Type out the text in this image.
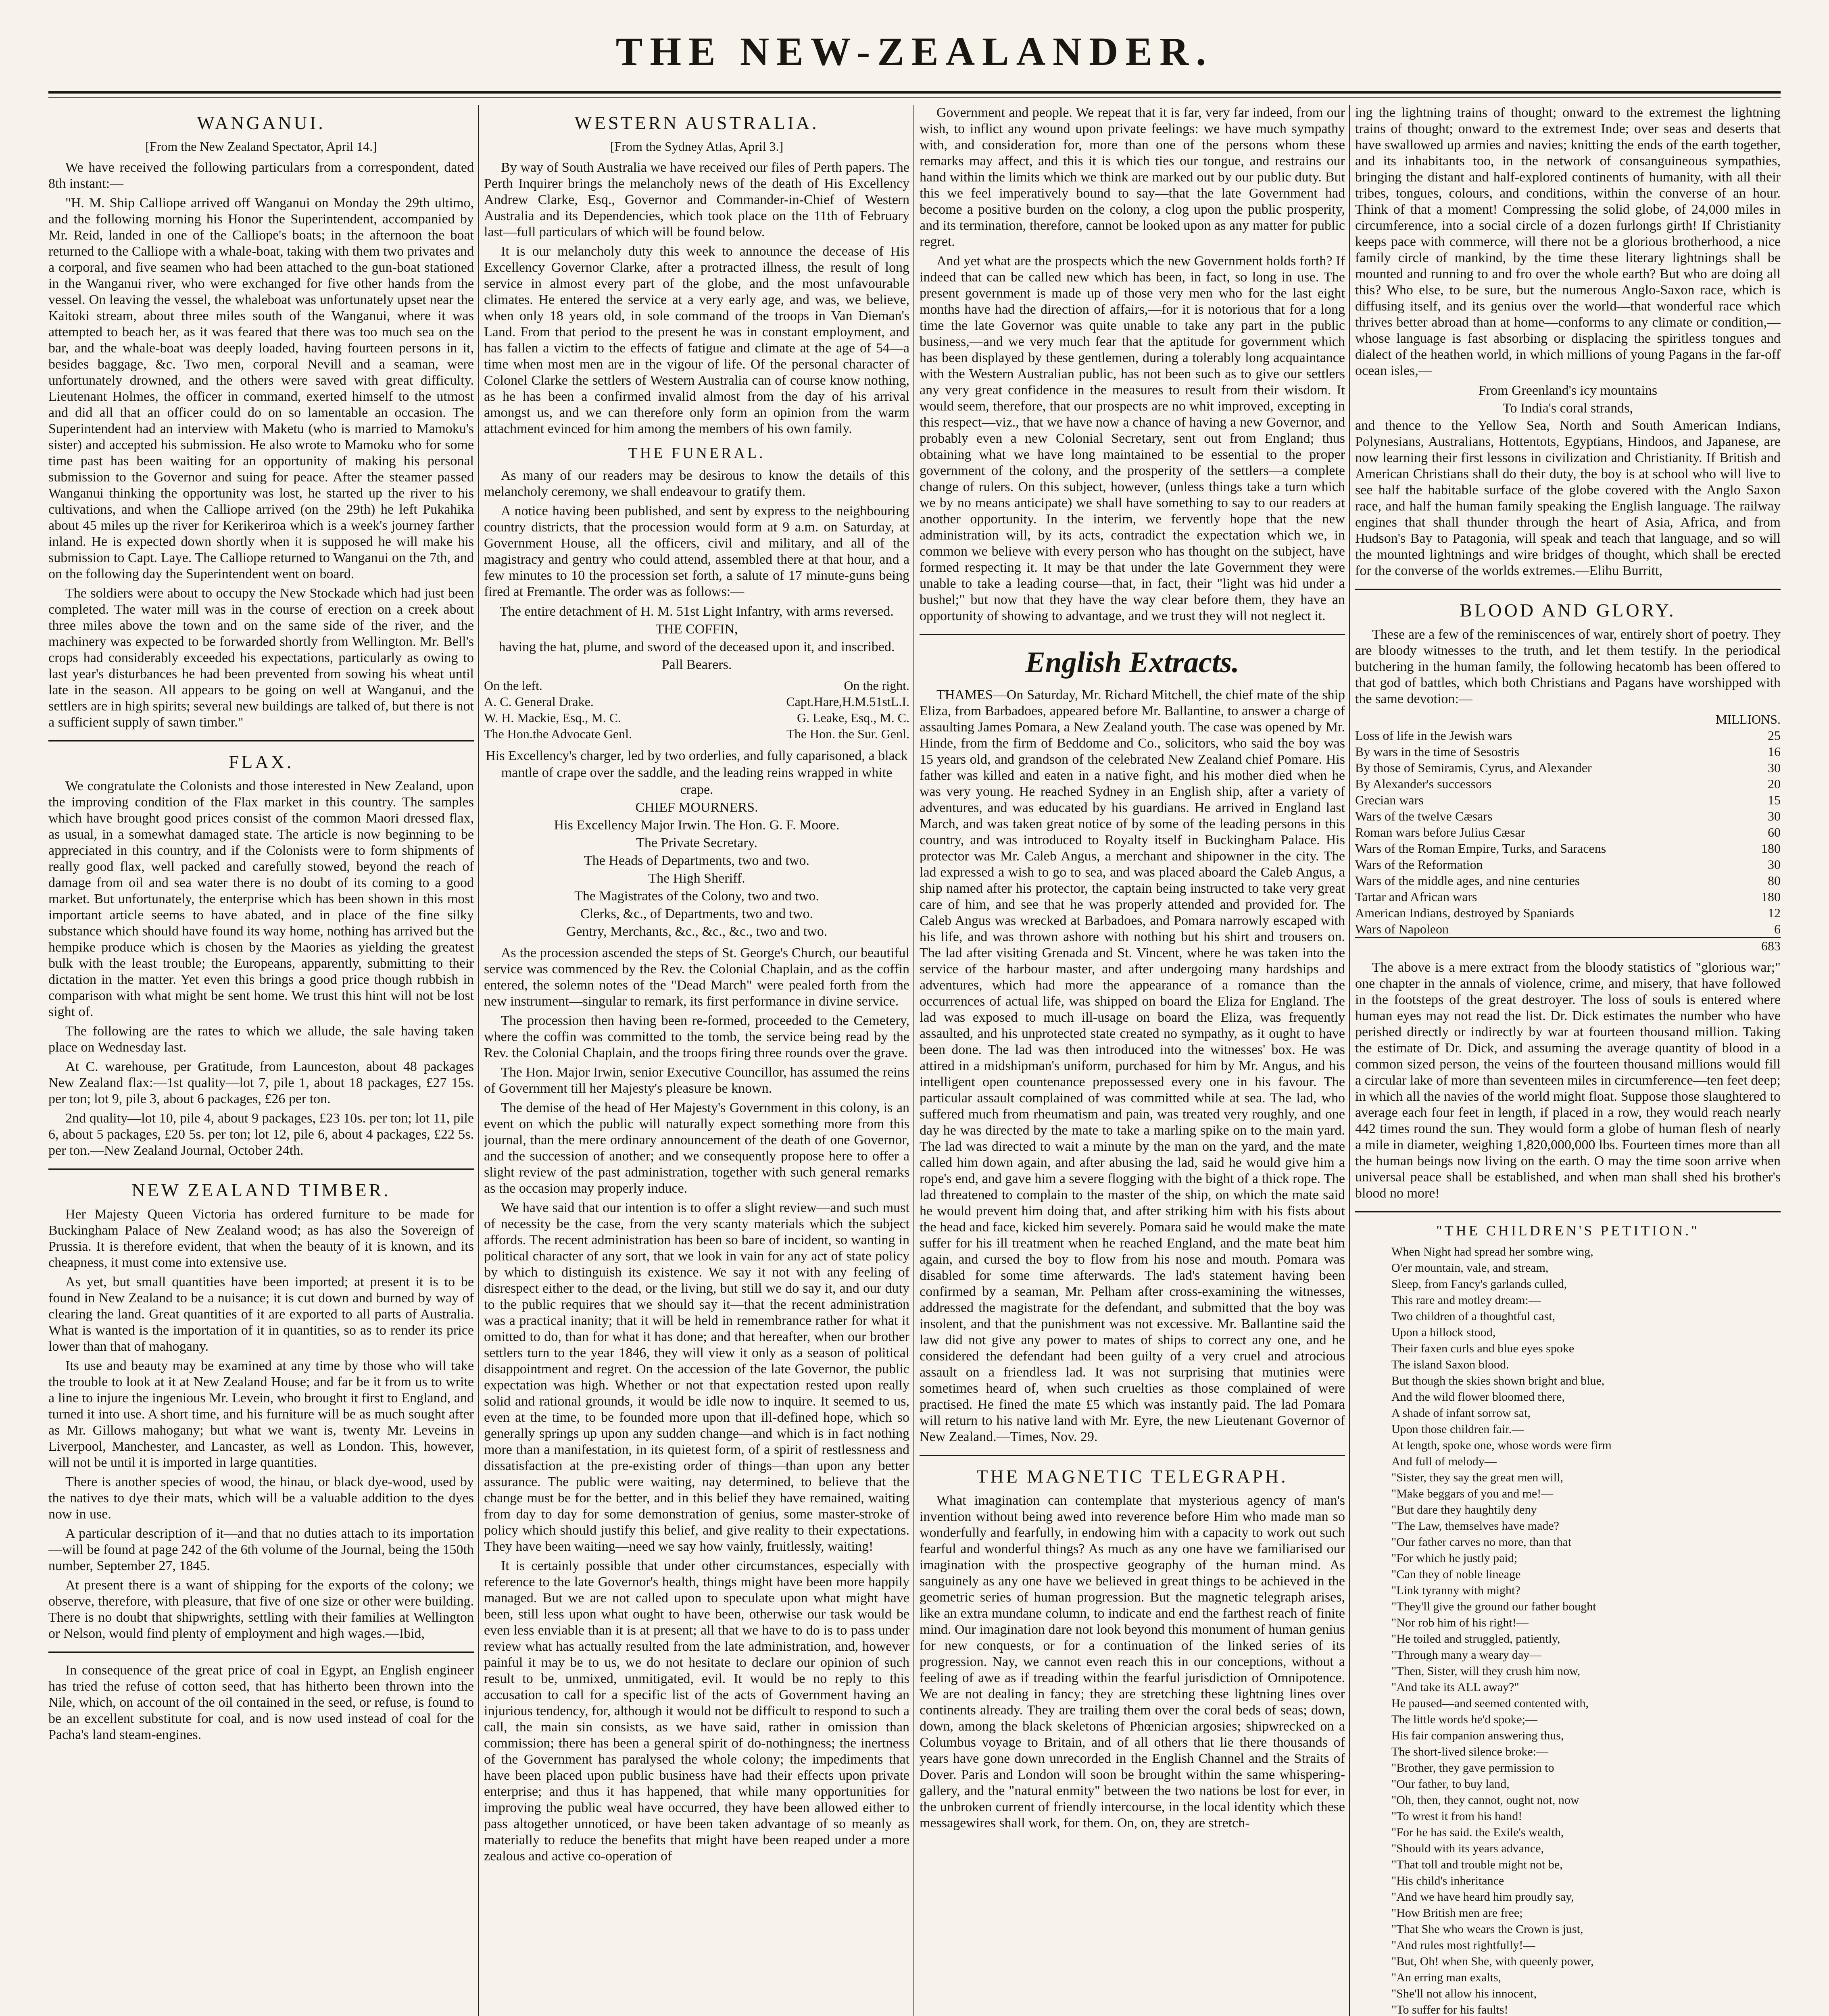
THE NEW-ZEALANDER.
WANGANUI.
[From the New Zealand Spectator, April 14.]

We have received the following particulars from a correspondent, dated 8th instant:—

"H. M. Ship Calliope arrived off Wanganui on Monday the 29th ultimo, and the following morning his Honor the Superintendent, accompanied by Mr. Reid, landed in one of the Calliope's boats; in the afternoon the boat returned to the Calliope with a whale-boat, taking with them two privates and a corporal, and five seamen who had been attached to the gun-boat stationed in the Wanganui river, who were exchanged for five other hands from the vessel. On leaving the vessel, the whaleboat was unfortunately upset near the Kaitoki stream, about three miles south of the Wanganui, where it was attempted to beach her, as it was feared that there was too much sea on the bar, and the whale-boat was deeply loaded, having fourteen persons in it, besides baggage, &c. Two men, corporal Nevill and a seaman, were unfortunately drowned, and the others were saved with great difficulty. Lieutenant Holmes, the officer in command, exerted himself to the utmost and did all that an officer could do on so lamentable an occasion. The Superintendent had an interview with Maketu (who is married to Mamoku's sister) and accepted his submission. He also wrote to Mamoku who for some time past has been waiting for an opportunity of making his personal submission to the Governor and suing for peace. After the steamer passed Wanganui thinking the opportunity was lost, he started up the river to his cultivations, and when the Calliope arrived (on the 29th) he left Pukahika about 45 miles up the river for Kerikeriroa which is a week's journey farther inland. He is expected down shortly when it is supposed he will make his submission to Capt. Laye. The Calliope returned to Wanganui on the 7th, and on the following day the Superintendent went on board.

The soldiers were about to occupy the New Stockade which had just been completed. The water mill was in the course of erection on a creek about three miles above the town and on the same side of the river, and the machinery was expected to be forwarded shortly from Wellington. Mr. Bell's crops had considerably exceeded his expectations, particularly as owing to last year's disturbances he had been prevented from sowing his wheat until late in the season. All appears to be going on well at Wanganui, and the settlers are in high spirits; several new buildings are talked of, but there is not a sufficient supply of sawn timber."

FLAX.

We congratulate the Colonists and those interested in New Zealand, upon the improving condition of the Flax market in this country. The samples which have brought good prices consist of the common Maori dressed flax, as usual, in a somewhat damaged state. The article is now beginning to be appreciated in this country, and if the Colonists were to form shipments of really good flax, well packed and carefully stowed, beyond the reach of damage from oil and sea water there is no doubt of its coming to a good market. But unfortunately, the enterprise which has been shown in this most important article seems to have abated, and in place of the fine silky substance which should have found its way home, nothing has arrived but the hempike produce which is chosen by the Maories as yielding the greatest bulk with the least trouble; the Europeans, apparently, submitting to their dictation in the matter. Yet even this brings a good price though rubbish in comparison with what might be sent home. We trust this hint will not be lost sight of.

The following are the rates to which we allude, the sale having taken place on Wednesday last.

At C. warehouse, per Gratitude, from Launceston, about 48 packages New Zealand flax:—1st quality—lot 7, pile 1, about 18 packages, £27 15s. per ton; lot 9, pile 3, about 6 packages, £26 per ton.

2nd quality—lot 10, pile 4, about 9 packages, £23 10s. per ton; lot 11, pile 6, about 5 packages, £20 5s. per ton; lot 12, pile 6, about 4 packages, £22 5s. per ton.—New Zealand Journal, October 24th.

NEW ZEALAND TIMBER.

Her Majesty Queen Victoria has ordered furniture to be made for Buckingham Palace of New Zealand wood; as has also the Sovereign of Prussia. It is therefore evident, that when the beauty of it is known, and its cheapness, it must come into extensive use.

As yet, but small quantities have been imported; at present it is to be found in New Zealand to be a nuisance; it is cut down and burned by way of clearing the land. Great quantities of it are exported to all parts of Australia. What is wanted is the importation of it in quantities, so as to render its price lower than that of mahogany.

Its use and beauty may be examined at any time by those who will take the trouble to look at it at New Zealand House; and far be it from us to write a line to injure the ingenious Mr. Levein, who brought it first to England, and turned it into use. A short time, and his furniture will be as much sought after as Mr. Gillows mahogany; but what we want is, twenty Mr. Leveins in Liverpool, Manchester, and Lancaster, as well as London. This, however, will not be until it is imported in large quantities.

There is another species of wood, the hinau, or black dye-wood, used by the natives to dye their mats, which will be a valuable addition to the dyes now in use.

A particular description of it—and that no duties attach to its importation—will be found at page 242 of the 6th volume of the Journal, being the 150th number, September 27, 1845.

At present there is a want of shipping for the exports of the colony; we observe, therefore, with pleasure, that five of one size or other were building. There is no doubt that shipwrights, settling with their families at Wellington or Nelson, would find plenty of employment and high wages.—Ibid,

In consequence of the great price of coal in Egypt, an English engineer has tried the refuse of cotton seed, that has hitherto been thrown into the Nile, which, on account of the oil contained in the seed, or refuse, is found to be an excellent substitute for coal, and is now used instead of coal for the Pacha's land steam-engines.

WESTERN AUSTRALIA.
[From the Sydney Atlas, April 3.]

By way of South Australia we have received our files of Perth papers. The Perth Inquirer brings the melancholy news of the death of His Excellency Andrew Clarke, Esq., Governor and Commander-in-Chief of Western Australia and its Dependencies, which took place on the 11th of February last—full particulars of which will be found below.

It is our melancholy duty this week to announce the decease of His Excellency Governor Clarke, after a protracted illness, the result of long service in almost every part of the globe, and the most unfavourable climates. He entered the service at a very early age, and was, we believe, when only 18 years old, in sole command of the troops in Van Dieman's Land. From that period to the present he was in constant employment, and has fallen a victim to the effects of fatigue and climate at the age of 54—a time when most men are in the vigour of life. Of the personal character of Colonel Clarke the settlers of Western Australia can of course know nothing, as he has been a confirmed invalid almost from the day of his arrival amongst us, and we can therefore only form an opinion from the warm attachment evinced for him among the members of his own family.

THE FUNERAL.

As many of our readers may be desirous to know the details of this melancholy ceremony, we shall endeavour to gratify them.

A notice having been published, and sent by express to the neighbouring country districts, that the procession would form at 9 a.m. on Saturday, at Government House, all the officers, civil and military, and all of the magistracy and gentry who could attend, assembled there at that hour, and a few minutes to 10 the procession set forth, a salute of 17 minute-guns being fired at Fremantle. The order was as follows:—

The entire detachment of H. M. 51st Light Infantry, with arms reversed.
THE COFFIN,
having the hat, plume, and sword of the deceased upon it, and inscribed.
Pall Bearers.
On the left.	On the right.
A. C. General Drake.	Capt.Hare,H.M.51stL.I.
W. H. Mackie, Esq., M. C.	G. Leake, Esq., M. C.
The Hon.the Advocate Genl.	The Hon. the Sur. Genl.
His Excellency's charger, led by two orderlies, and fully caparisoned, a black mantle of crape over the saddle, and the leading reins wrapped in white crape.
CHIEF MOURNERS.
His Excellency Major Irwin. The Hon. G. F. Moore.
The Private Secretary.
The Heads of Departments, two and two.
The High Sheriff.
The Magistrates of the Colony, two and two.
Clerks, &c., of Departments, two and two.
Gentry, Merchants, &c., &c., &c., two and two.

As the procession ascended the steps of St. George's Church, our beautiful service was commenced by the Rev. the Colonial Chaplain, and as the coffin entered, the solemn notes of the "Dead March" were pealed forth from the new instrument—singular to remark, its first performance in divine service.

The procession then having been re-formed, proceeded to the Cemetery, where the coffin was committed to the tomb, the service being read by the Rev. the Colonial Chaplain, and the troops firing three rounds over the grave.

The Hon. Major Irwin, senior Executive Councillor, has assumed the reins of Government till her Majesty's pleasure be known.

The demise of the head of Her Majesty's Government in this colony, is an event on which the public will naturally expect something more from this journal, than the mere ordinary announcement of the death of one Governor, and the succession of another; and we consequently propose here to offer a slight review of the past administration, together with such general remarks as the occasion may properly induce.

We have said that our intention is to offer a slight review—and such must of necessity be the case, from the very scanty materials which the subject affords. The recent administration has been so bare of incident, so wanting in political character of any sort, that we look in vain for any act of state policy by which to distinguish its existence. We say it not with any feeling of disrespect either to the dead, or the living, but still we do say it, and our duty to the public requires that we should say it—that the recent administration was a practical inanity; that it will be held in remembrance rather for what it omitted to do, than for what it has done; and that hereafter, when our brother settlers turn to the year 1846, they will view it only as a season of political disappointment and regret. On the accession of the late Governor, the public expectation was high. Whether or not that expectation rested upon really solid and rational grounds, it would be idle now to inquire. It seemed to us, even at the time, to be founded more upon that ill-defined hope, which so generally springs up upon any sudden change—and which is in fact nothing more than a manifestation, in its quietest form, of a spirit of restlessness and dissatisfaction at the pre-existing order of things—than upon any better assurance. The public were waiting, nay determined, to believe that the change must be for the better, and in this belief they have remained, waiting from day to day for some demonstration of genius, some master-stroke of policy which should justify this belief, and give reality to their expectations. They have been waiting—need we say how vainly, fruitlessly, waiting!

It is certainly possible that under other circumstances, especially with reference to the late Governor's health, things might have been more happily managed. But we are not called upon to speculate upon what might have been, still less upon what ought to have been, otherwise our task would be even less enviable than it is at present; all that we have to do is to pass under review what has actually resulted from the late administration, and, however painful it may be to us, we do not hesitate to declare our opinion of such result to be, unmixed, unmitigated, evil. It would be no reply to this accusation to call for a specific list of the acts of Government having an injurious tendency, for, although it would not be difficult to respond to such a call, the main sin consists, as we have said, rather in omission than commission; there has been a general spirit of do-nothingness; the inertness of the Government has paralysed the whole colony; the impediments that have been placed upon public business have had their effects upon private enterprise; and thus it has happened, that while many opportunities for improving the public weal have occurred, they have been allowed either to pass altogether unnoticed, or have been taken advantage of so meanly as materially to reduce the benefits that might have been reaped under a more zealous and active co-operation of

Government and people. We repeat that it is far, very far indeed, from our wish, to inflict any wound upon private feelings: we have much sympathy with, and consideration for, more than one of the persons whom these remarks may affect, and this it is which ties our tongue, and restrains our hand within the limits which we think are marked out by our public duty. But this we feel imperatively bound to say—that the late Government had become a positive burden on the colony, a clog upon the public prosperity, and its termination, therefore, cannot be looked upon as any matter for public regret.

And yet what are the prospects which the new Government holds forth? If indeed that can be called new which has been, in fact, so long in use. The present government is made up of those very men who for the last eight months have had the direction of affairs,—for it is notorious that for a long time the late Governor was quite unable to take any part in the public business,—and we very much fear that the aptitude for government which has been displayed by these gentlemen, during a tolerably long acquaintance with the Western Australian public, has not been such as to give our settlers any very great confidence in the measures to result from their wisdom. It would seem, therefore, that our prospects are no whit improved, excepting in this respect—viz., that we have now a chance of having a new Governor, and probably even a new Colonial Secretary, sent out from England; thus obtaining what we have long maintained to be essential to the proper government of the colony, and the prosperity of the settlers—a complete change of rulers. On this subject, however, (unless things take a turn which we by no means anticipate) we shall have something to say to our readers at another opportunity. In the interim, we fervently hope that the new administration will, by its acts, contradict the expectation which we, in common we believe with every person who has thought on the subject, have formed respecting it. It may be that under the late Government they were unable to take a leading course—that, in fact, their "light was hid under a bushel;" but now that they have the way clear before them, they have an opportunity of showing to advantage, and we trust they will not neglect it.

English Extracts.

THAMES—On Saturday, Mr. Richard Mitchell, the chief mate of the ship Eliza, from Barbadoes, appeared before Mr. Ballantine, to answer a charge of assaulting James Pomara, a New Zealand youth. The case was opened by Mr. Hinde, from the firm of Beddome and Co., solicitors, who said the boy was 15 years old, and grandson of the celebrated New Zealand chief Pomare. His father was killed and eaten in a native fight, and his mother died when he was very young. He reached Sydney in an English ship, after a variety of adventures, and was educated by his guardians. He arrived in England last March, and was taken great notice of by some of the leading persons in this country, and was introduced to Royalty itself in Buckingham Palace. His protector was Mr. Caleb Angus, a merchant and shipowner in the city. The lad expressed a wish to go to sea, and was placed aboard the Caleb Angus, a ship named after his protector, the captain being instructed to take very great care of him, and see that he was properly attended and provided for. The Caleb Angus was wrecked at Barbadoes, and Pomara narrowly escaped with his life, and was thrown ashore with nothing but his shirt and trousers on. The lad after visiting Grenada and St. Vincent, where he was taken into the service of the harbour master, and after undergoing many hardships and adventures, which had more the appearance of a romance than the occurrences of actual life, was shipped on board the Eliza for England. The lad was exposed to much ill-usage on board the Eliza, was frequently assaulted, and his unprotected state created no sympathy, as it ought to have been done. The lad was then introduced into the witnesses' box. He was attired in a midshipman's uniform, purchased for him by Mr. Angus, and his intelligent open countenance prepossessed every one in his favour. The particular assault complained of was committed while at sea. The lad, who suffered much from rheumatism and pain, was treated very roughly, and one day he was directed by the mate to take a marling spike on to the main yard. The lad was directed to wait a minute by the man on the yard, and the mate called him down again, and after abusing the lad, said he would give him a rope's end, and gave him a severe flogging with the bight of a thick rope. The lad threatened to complain to the master of the ship, on which the mate said he would prevent him doing that, and after striking him with his fists about the head and face, kicked him severely. Pomara said he would make the mate suffer for his ill treatment when he reached England, and the mate beat him again, and cursed the boy to flow from his nose and mouth. Pomara was disabled for some time afterwards. The lad's statement having been confirmed by a seaman, Mr. Pelham after cross-examining the witnesses, addressed the magistrate for the defendant, and submitted that the boy was insolent, and that the punishment was not excessive. Mr. Ballantine said the law did not give any power to mates of ships to correct any one, and he considered the defendant had been guilty of a very cruel and atrocious assault on a friendless lad. It was not surprising that mutinies were sometimes heard of, when such cruelties as those complained of were practised. He fined the mate £5 which was instantly paid. The lad Pomara will return to his native land with Mr. Eyre, the new Lieutenant Governor of New Zealand.—Times, Nov. 29.

THE MAGNETIC TELEGRAPH.

What imagination can contemplate that mysterious agency of man's invention without being awed into reverence before Him who made man so wonderfully and fearfully, in endowing him with a capacity to work out such fearful and wonderful things? As much as any one have we familiarised our imagination with the prospective geography of the human mind. As sanguinely as any one have we believed in great things to be achieved in the geometric series of human progression. But the magnetic telegraph arises, like an extra mundane column, to indicate and end the farthest reach of finite mind. Our imagination dare not look beyond this monument of human genius for new conquests, or for a continuation of the linked series of its progression. Nay, we cannot even reach this in our conceptions, without a feeling of awe as if treading within the fearful jurisdiction of Omnipotence. We are not dealing in fancy; they are stretching these lightning lines over continents already. They are trailing them over the coral beds of seas; down, down, among the black skeletons of Phœnician argosies; shipwrecked on a Columbus voyage to Britain, and of all others that lie there thousands of years have gone down unrecorded in the English Channel and the Straits of Dover. Paris and London will soon be brought within the same whispering-gallery, and the "natural enmity" between the two nations be lost for ever, in the unbroken current of friendly intercourse, in the local identity which these messagewires shall work, for them. On, on, they are stretch-

ing the lightning trains of thought; onward to the extremest the lightning trains of thought; onward to the extremest Inde; over seas and deserts that have swallowed up armies and navies; knitting the ends of the earth together, and its inhabitants too, in the network of consanguineous sympathies, bringing the distant and half-explored continents of humanity, with all their tribes, tongues, colours, and conditions, within the converse of an hour. Think of that a moment! Compressing the solid globe, of 24,000 miles in circumference, into a social circle of a dozen furlongs girth! If Christianity keeps pace with commerce, will there not be a glorious brotherhood, a nice family circle of mankind, by the time these literary lightnings shall be mounted and running to and fro over the whole earth? But who are doing all this? Who else, to be sure, but the numerous Anglo-Saxon race, which is diffusing itself, and its genius over the world—that wonderful race which thrives better abroad than at home—conforms to any climate or condition,—whose language is fast absorbing or displacing the spiritless tongues and dialect of the heathen world, in which millions of young Pagans in the far-off ocean isles,—

From Greenland's icy mountains
To India's coral strands,

and thence to the Yellow Sea, North and South American Indians, Polynesians, Australians, Hottentots, Egyptians, Hindoos, and Japanese, are now learning their first lessons in civilization and Christianity. If British and American Christians shall do their duty, the boy is at school who will live to see half the habitable surface of the globe covered with the Anglo Saxon race, and half the human family speaking the English language. The railway engines that shall thunder through the heart of Asia, Africa, and from Hudson's Bay to Patagonia, will speak and teach that language, and so will the mounted lightnings and wire bridges of thought, which shall be erected for the converse of the worlds extremes.—Elihu Burritt,

BLOOD AND GLORY.

These are a few of the reminiscences of war, entirely short of poetry. They are bloody witnesses to the truth, and let them testify. In the periodical butchering in the human family, the following hecatomb has been offered to that god of battles, which both Christians and Pagans have worshipped with the same devotion:—

MILLIONS.
Loss of life in the Jewish wars	25
By wars in the time of Sesostris	16
By those of Semiramis, Cyrus, and Alexander	30
By Alexander's successors	20
Grecian wars	15
Wars of the twelve Cæsars	30
Roman wars before Julius Cæsar	60
Wars of the Roman Empire, Turks, and Saracens	180
Wars of the Reformation	30
Wars of the middle ages, and nine centuries	80
Tartar and African wars	180
American Indians, destroyed by Spaniards	12
Wars of Napoleon	6
683

The above is a mere extract from the bloody statistics of "glorious war;" one chapter in the annals of violence, crime, and misery, that have followed in the footsteps of the great destroyer. The loss of souls is entered where human eyes may not read the list. Dr. Dick estimates the number who have perished directly or indirectly by war at fourteen thousand million. Taking the estimate of Dr. Dick, and assuming the average quantity of blood in a common sized person, the veins of the fourteen thousand millions would fill a circular lake of more than seventeen miles in circumference—ten feet deep; in which all the navies of the world might float. Suppose those slaughtered to average each four feet in length, if placed in a row, they would reach nearly 442 times round the sun. They would form a globe of human flesh of nearly a mile in diameter, weighing 1,820,000,000 lbs. Fourteen times more than all the human beings now living on the earth. O may the time soon arrive when universal peace shall be established, and when man shall shed his brother's blood no more!

"THE CHILDREN'S PETITION."
When Night had spread her sombre wing,
O'er mountain, vale, and stream,
Sleep, from Fancy's garlands culled,
This rare and motley dream:—
Two children of a thoughtful cast,
Upon a hillock stood,
Their faxen curls and blue eyes spoke
The island Saxon blood.
But though the skies shown bright and blue,
And the wild flower bloomed there,
A shade of infant sorrow sat,
Upon those children fair.—
At length, spoke one, whose words were firm
And full of melody—
"Sister, they say the great men will,
"Make beggars of you and me!—
"But dare they haughtily deny
"The Law, themselves have made?
"Our father carves no more, than that
"For which he justly paid;
"Can they of noble lineage
"Link tyranny with might?
"They'll give the ground our father bought
"Nor rob him of his right!—
"He toiled and struggled, patiently,
"Through many a weary day—
"Then, Sister, will they crush him now,
"And take its ALL away?"
He paused—and seemed contented with,
The little words he'd spoke;—
His fair companion answering thus,
The short-lived silence broke:—
"Brother, they gave permission to
"Our father, to buy land,
"Oh, then, they cannot, ought not, now
"To wrest it from his hand!
"For he has said. the Exile's wealth,
"Should with its years advance,
"That toll and trouble might not be,
"His child's inheritance
"And we have heard him proudly say,
"How British men are free;
"That She who wears the Crown is just,
"And rules most rightfully!—
"But, Oh! when She, with queenly power,
"An erring man exalts,
"She'll not allow his innocent,
"To suffer for his faults!
